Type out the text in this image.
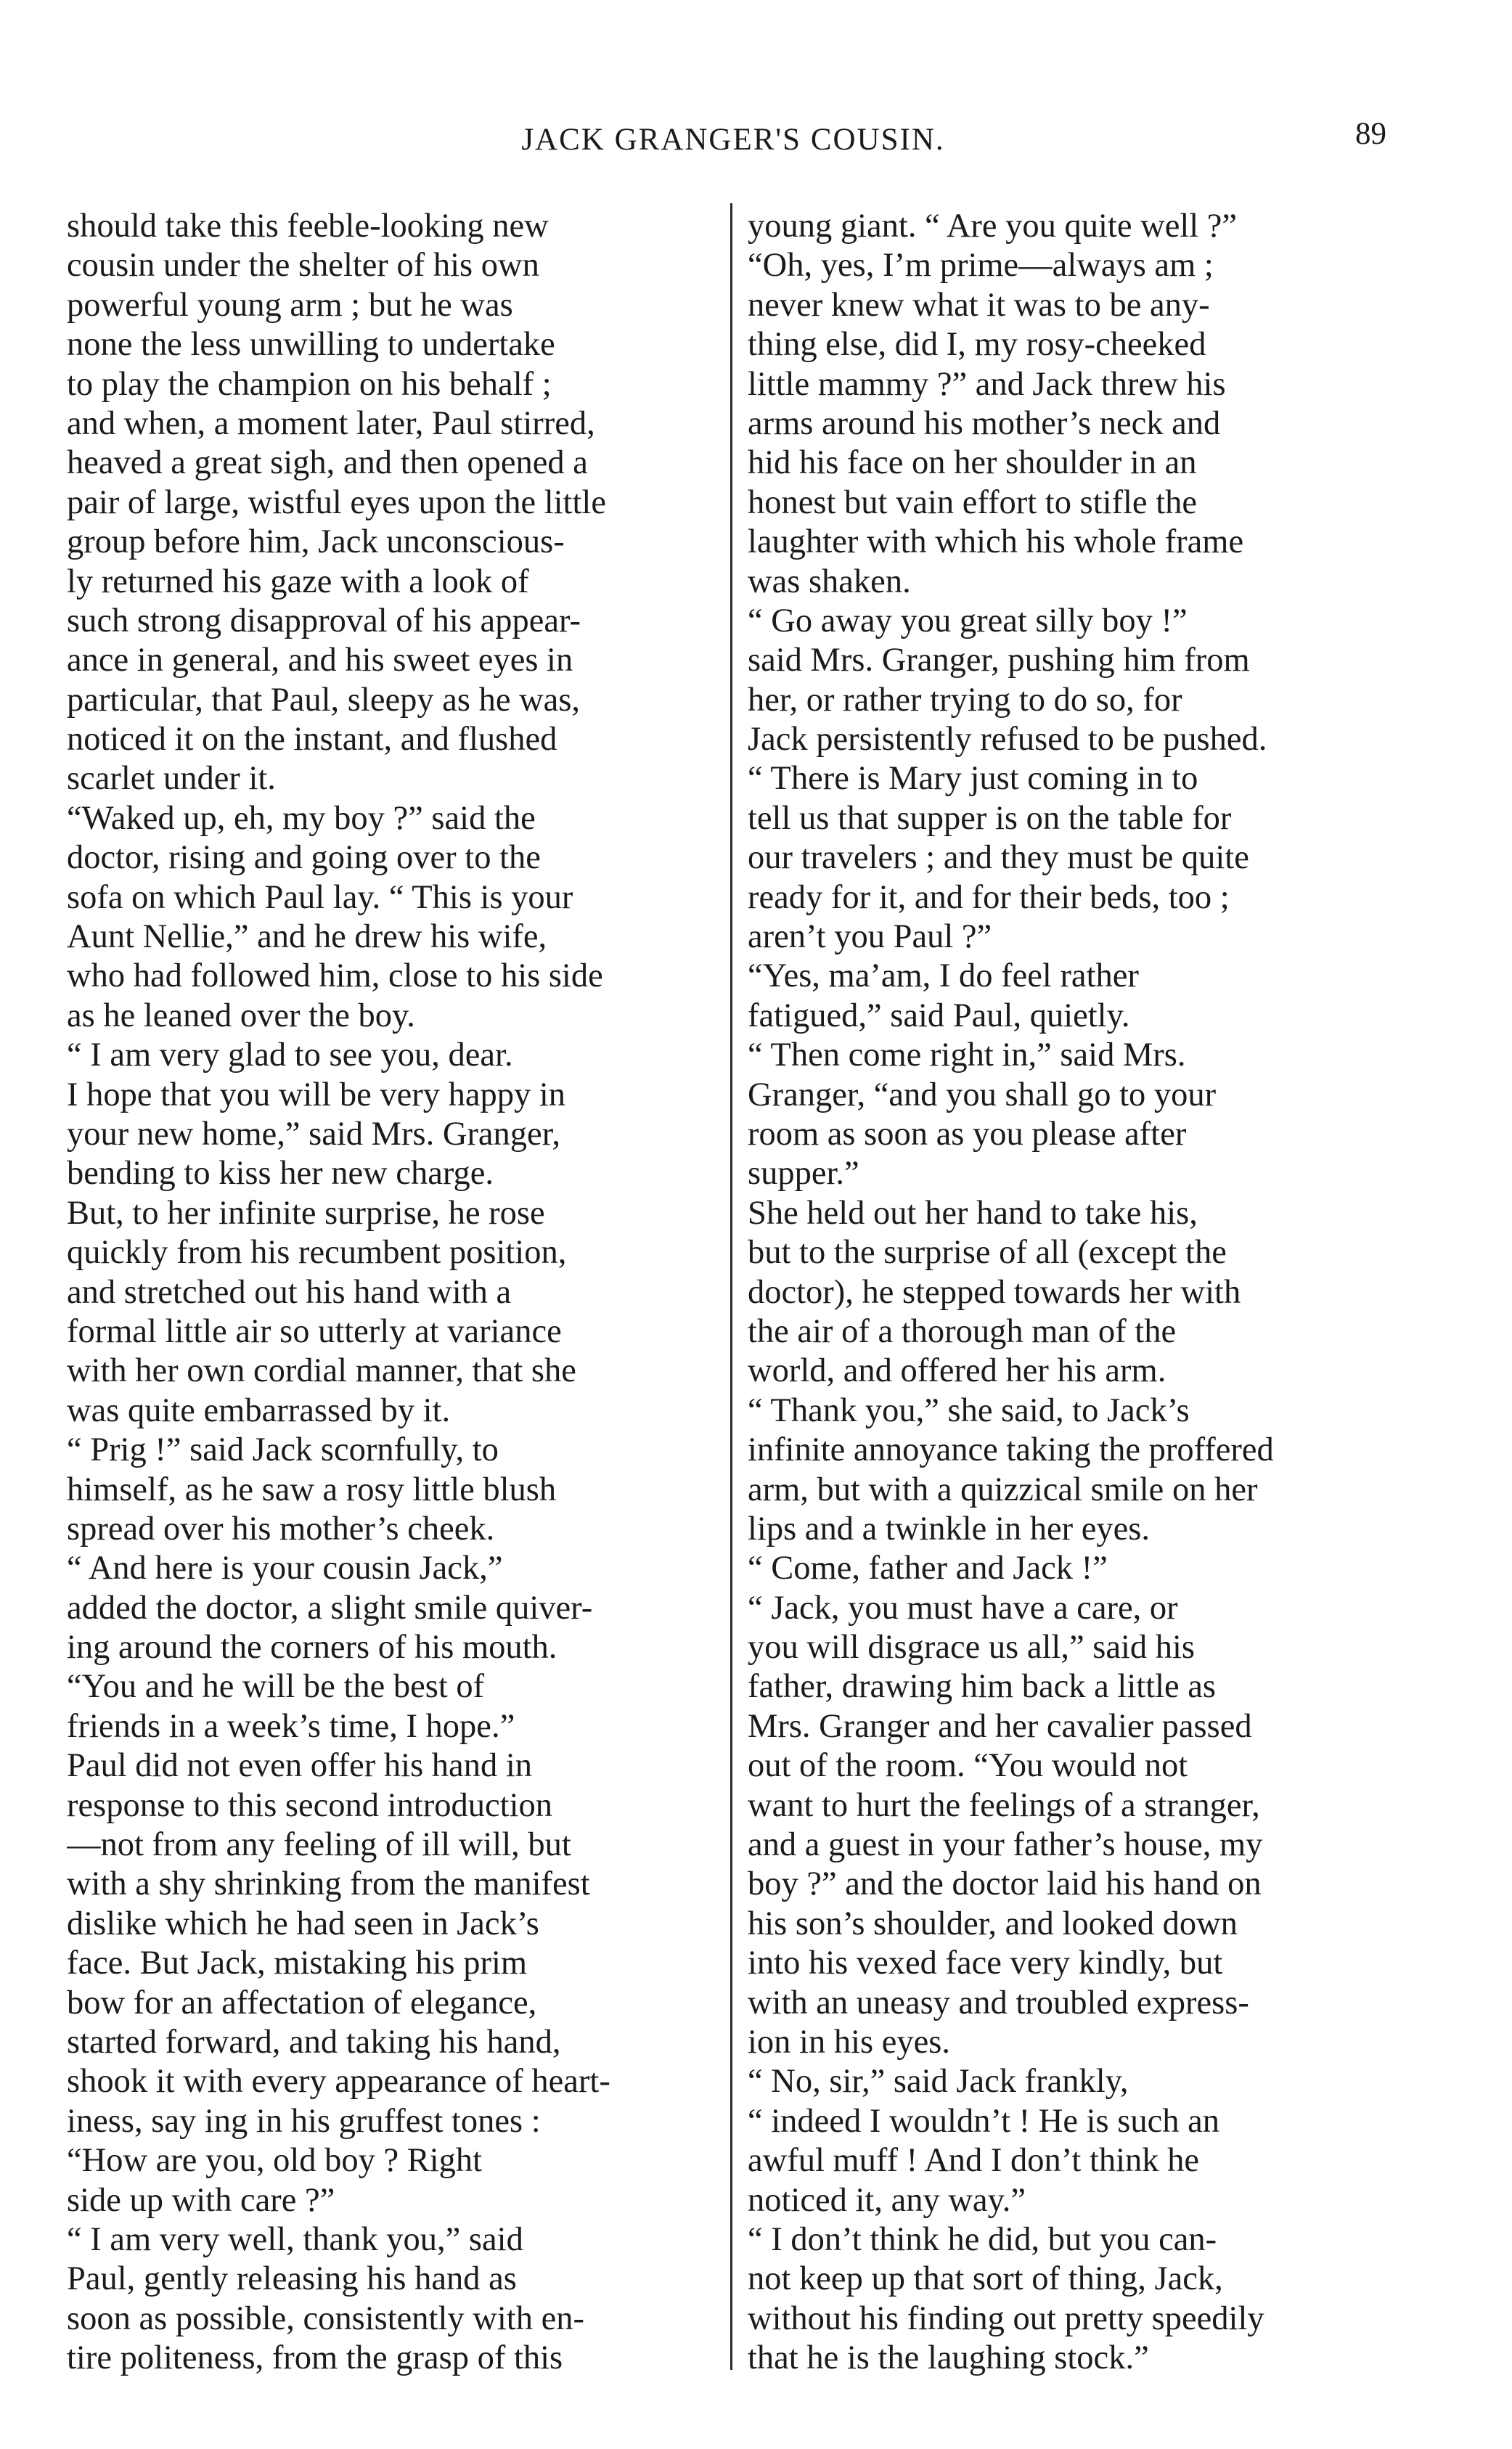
JACK GRANGER'S COUSIN.	89
should take this feeble-looking new
cousin under the shelter of his own
powerful young arm ; but he was
none the less unwilling to undertake
to play the champion on his behalf ;
and when, a moment later, Paul stirred,
heaved a great sigh, and then opened a
pair of large, wistful eyes upon the little
group before him, Jack unconscious-
ly returned his gaze with a look of
such strong disapproval of his appear-
ance in general, and his sweet eyes in
particular, that Paul, sleepy as he was,
noticed it on the instant, and flushed
scarlet under it.
“Waked up, eh, my boy ?” said the
doctor, rising and going over to the
sofa on which Paul lay. “ This is your
Aunt Nellie,” and he drew his wife,
who had followed him, close to his side
as he leaned over the boy.
“ I am very glad to see you, dear.
I hope that you will be very happy in
your new home,” said Mrs. Granger,
bending to kiss her new charge.
But, to her infinite surprise, he rose
quickly from his recumbent position,
and stretched out his hand with a
formal little air so utterly at variance
with her own cordial manner, that she
was quite embarrassed by it.
“ Prig !” said Jack scornfully, to
himself, as he saw a rosy little blush
spread over his mother’s cheek.
“ And here is your cousin Jack,”
added the doctor, a slight smile quiver-
ing around the corners of his mouth.
“You and he will be the best of
friends in a week’s time, I hope.”
Paul did not even offer his hand in
response to this second introduction
—not from any feeling of ill will, but
with a shy shrinking from the manifest
dislike which he had seen in Jack’s
face. But Jack, mistaking his prim
bow for an affectation of elegance,
started forward, and taking his hand,
shook it with every appearance of heart-
iness, say ing in his gruffest tones :
“How are you, old boy ? Right
side up with care ?”
“ I am very well, thank you,” said
Paul, gently releasing his hand as
soon as possible, consistently with en-
tire politeness, from the grasp of this
young giant. “ Are you quite well ?”
“Oh, yes, I’m prime—always am ;
never knew what it was to be any-
thing else, did I, my rosy-cheeked
little mammy ?” and Jack threw his
arms around his mother’s neck and
hid his face on her shoulder in an
honest but vain effort to stifle the
laughter with which his whole frame
was shaken.
“ Go away you great silly boy !”
said Mrs. Granger, pushing him from
her, or rather trying to do so, for
Jack persistently refused to be pushed.
“ There is Mary just coming in to
tell us that supper is on the table for
our travelers ; and they must be quite
ready for it, and for their beds, too ;
aren’t you Paul ?”
“Yes, ma’am, I do feel rather
fatigued,” said Paul, quietly.
“ Then come right in,” said Mrs.
Granger, “and you shall go to your
room as soon as you please after
supper.”
She held out her hand to take his,
but to the surprise of all (except the
doctor), he stepped towards her with
the air of a thorough man of the
world, and offered her his arm.
“ Thank you,” she said, to Jack’s
infinite annoyance taking the proffered
arm, but with a quizzical smile on her
lips and a twinkle in her eyes.
“ Come, father and Jack !”
“ Jack, you must have a care, or
you will disgrace us all,” said his
father, drawing him back a little as
Mrs. Granger and her cavalier passed
out of the room. “You would not
want to hurt the feelings of a stranger,
and a guest in your father’s house, my
boy ?” and the doctor laid his hand on
his son’s shoulder, and looked down
into his vexed face very kindly, but
with an uneasy and troubled express-
ion in his eyes.
“ No, sir,” said Jack frankly,
“ indeed I wouldn’t ! He is such an
awful muff ! And I don’t think he
noticed it, any way.”
“ I don’t think he did, but you can-
not keep up that sort of thing, Jack,
without his finding out pretty speedily
that he is the laughing stock.”
